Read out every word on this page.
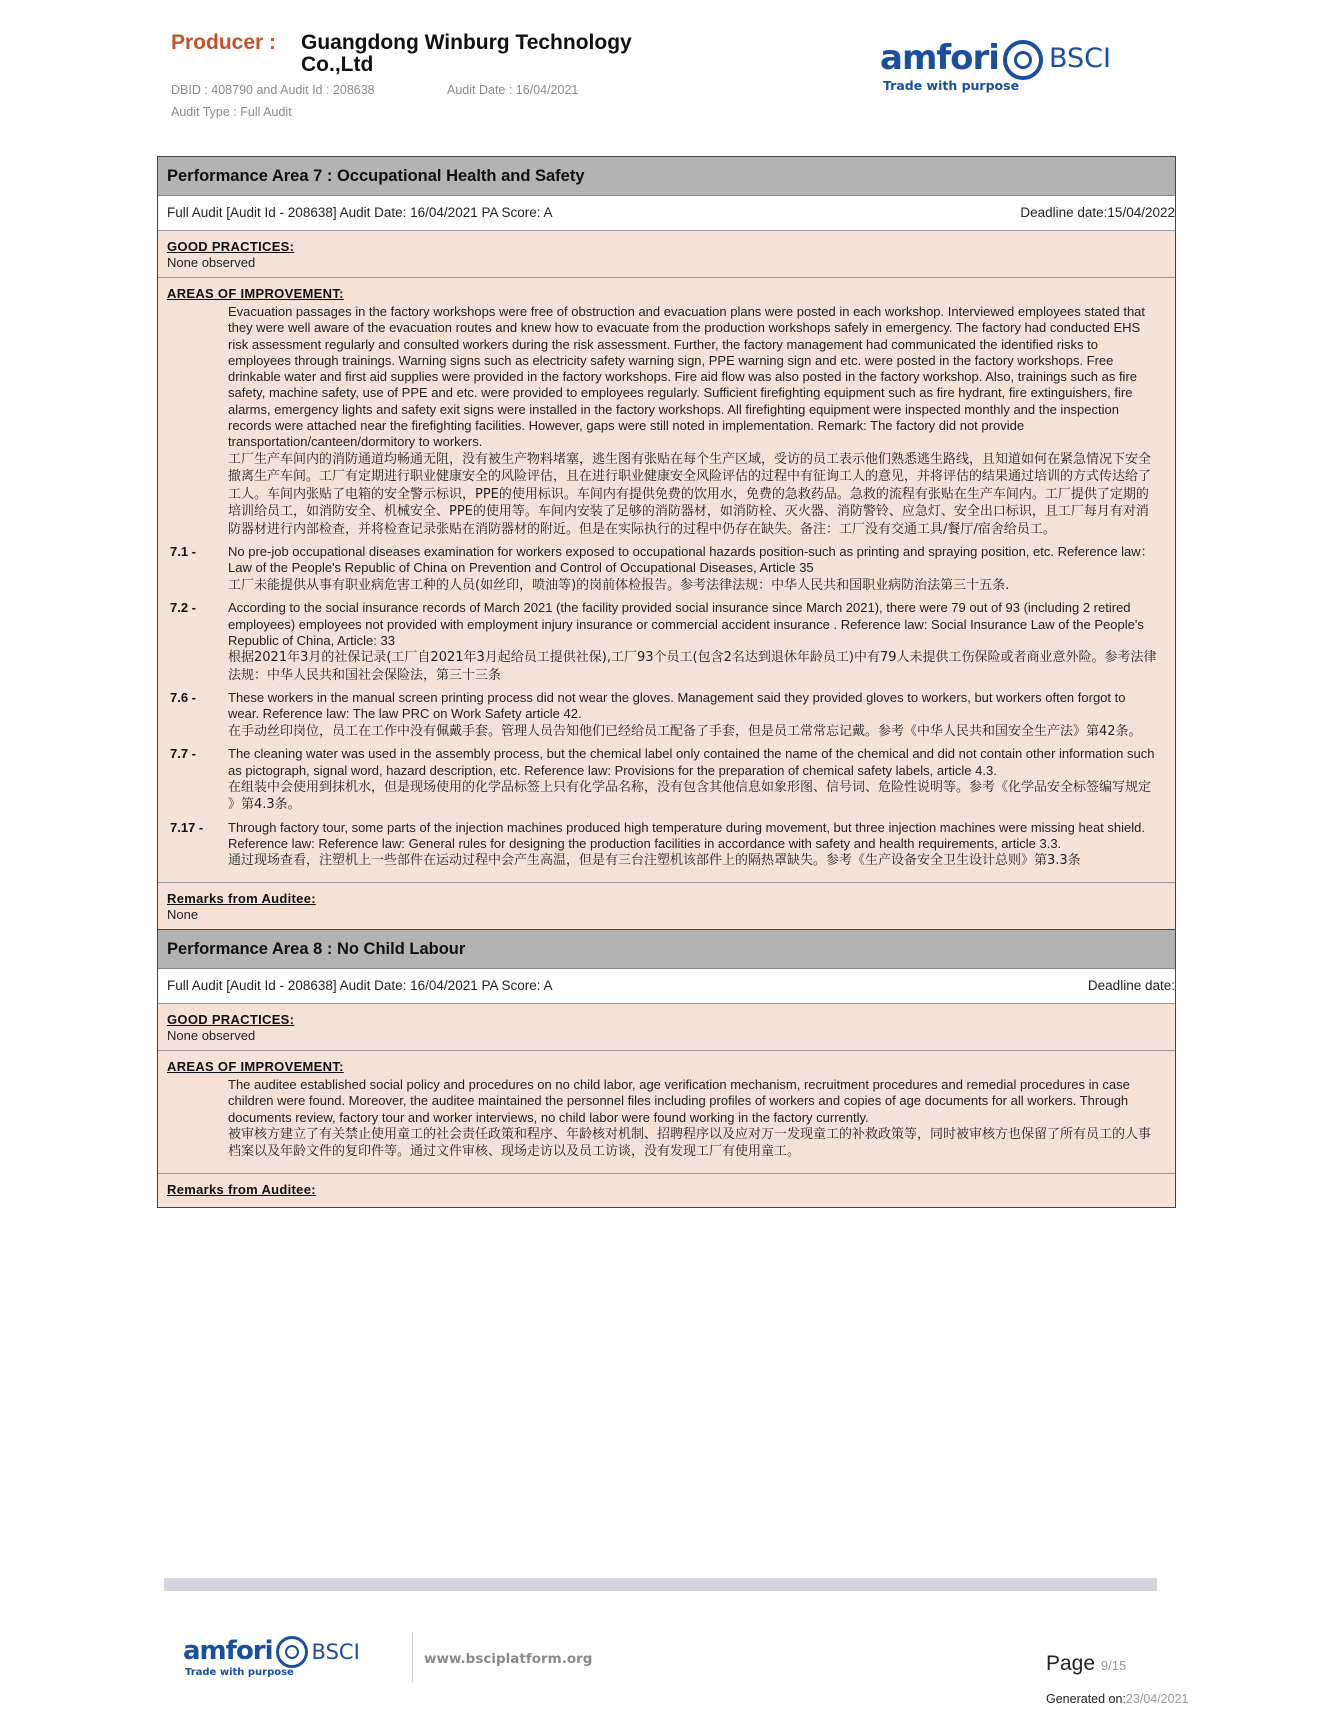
Producer : Guangdong Winburg Technology Co.,Ltd
DBID : 408790 and Audit Id : 208638	Audit Date : 16/04/2021
Audit Type : Full Audit
amfori BSCI
Trade with purpose
Performance Area 7 : Occupational Health and Safety
Full Audit [Audit Id - 208638] Audit Date: 16/04/2021 PA Score: A	Deadline date:15/04/2022
GOOD PRACTICES:
None observed
AREAS OF IMPROVEMENT:
Evacuation passages in the factory workshops were free of obstruction and evacuation plans were posted in each workshop. Interviewed employees stated that they were well aware of the evacuation routes and knew how to evacuate from the production workshops safely in emergency. The factory had conducted EHS risk assessment regularly and consulted workers during the risk assessment. Further, the factory management had communicated the identified risks to employees through trainings. Warning signs such as electricity safety warning sign, PPE warning sign and etc. were posted in the factory workshops. Free drinkable water and first aid supplies were provided in the factory workshops. Fire aid flow was also posted in the factory workshop. Also, trainings such as fire safety, machine safety, use of PPE and etc. were provided to employees regularly. Sufficient firefighting equipment such as fire hydrant, fire extinguishers, fire alarms, emergency lights and safety exit signs were installed in the factory workshops. All firefighting equipment were inspected monthly and the inspection records were attached near the firefighting facilities. However, gaps were still noted in implementation. Remark: The factory did not provide transportation/canteen/dormitory to workers.
工厂生产车间内的消防通道均畅通无阻，没有被生产物料堵塞，逃生图有张贴在每个生产区域，受访的员工表示他们熟悉逃生路线，且知道如何在紧急情况下安全撤离生产车间。工厂有定期进行职业健康安全的风险评估，且在进行职业健康安全风险评估的过程中有征询工人的意见，并将评估的结果通过培训的方式传达给了工人。车间内张贴了电箱的安全警示标识，PPE的使用标识。车间内有提供免费的饮用水，免费的急救药品。急救的流程有张贴在生产车间内。工厂提供了定期的培训给员工，如消防安全、机械安全、PPE的使用等。车间内安装了足够的消防器材，如消防栓、灭火器、消防警铃、应急灯、安全出口标识，且工厂每月有对消防器材进行内部检查，并将检查记录张贴在消防器材的附近。但是在实际执行的过程中仍存在缺失。备注：工厂没有交通工具/餐厅/宿舍给员工。
7.1 -	No pre-job occupational diseases examination for workers exposed to occupational hazards position-such as printing and spraying position, etc. Reference law：Law of the People's Republic of China on Prevention and Control of Occupational Diseases, Article 35
工厂未能提供从事有职业病危害工种的人员(如丝印，喷油等)的岗前体检报告。参考法律法规：中华人民共和国职业病防治法第三十五条.
7.2 -	According to the social insurance records of March 2021 (the facility provided social insurance since March 2021), there were 79 out of 93 (including 2 retired employees) employees not provided with employment injury insurance or commercial accident insurance . Reference law: Social Insurance Law of the People's Republic of China, Article: 33
根据2021年3月的社保记录(工厂自2021年3月起给员工提供社保),工厂93个员工(包含2名达到退休年龄员工)中有79人未提供工伤保险或者商业意外险。参考法律法规：中华人民共和国社会保险法，第三十三条
7.6 -	These workers in the manual screen printing process did not wear the gloves. Management said they provided gloves to workers, but workers often forgot to wear. Reference law: The law PRC on Work Safety article 42.
在手动丝印岗位，员工在工作中没有佩戴手套。管理人员告知他们已经给员工配备了手套，但是员工常常忘记戴。参考《中华人民共和国安全生产法》第42条。
7.7 -	The cleaning water was used in the assembly process, but the chemical label only contained the name of the chemical and did not contain other information such as pictograph, signal word, hazard description, etc. Reference law: Provisions for the preparation of chemical safety labels, article 4.3.
在组装中会使用到抹机水，但是现场使用的化学品标签上只有化学品名称，没有包含其他信息如象形图、信号词、危险性说明等。参考《化学品安全标签编写规定 》第4.3条。
7.17 -	Through factory tour, some parts of the injection machines produced high temperature during movement, but three injection machines were missing heat shield. Reference law: Reference law: General rules for designing the production facilities in accordance with safety and health requirements, article 3.3.
通过现场查看，注塑机上一些部件在运动过程中会产生高温，但是有三台注塑机该部件上的隔热罩缺失。参考《生产设备安全卫生设计总则》第3.3条
Remarks from Auditee:
None
Performance Area 8 : No Child Labour
Full Audit [Audit Id - 208638] Audit Date: 16/04/2021 PA Score: A	Deadline date:
GOOD PRACTICES:
None observed
AREAS OF IMPROVEMENT:
The auditee established social policy and procedures on no child labor, age verification mechanism, recruitment procedures and remedial procedures in case children were found. Moreover, the auditee maintained the personnel files including profiles of workers and copies of age documents for all workers. Through documents review, factory tour and worker interviews, no child labor were found working in the factory currently.
被审核方建立了有关禁止使用童工的社会责任政策和程序、年龄核对机制、招聘程序以及应对万一发现童工的补救政策等，同时被审核方也保留了所有员工的人事档案以及年龄文件的复印件等。通过文件审核、现场走访以及员工访谈，没有发现工厂有使用童工。
Remarks from Auditee:
amfori BSCI
Trade with purpose
www.bsciplatform.org	Page 9/15
Generated on:23/04/2021
